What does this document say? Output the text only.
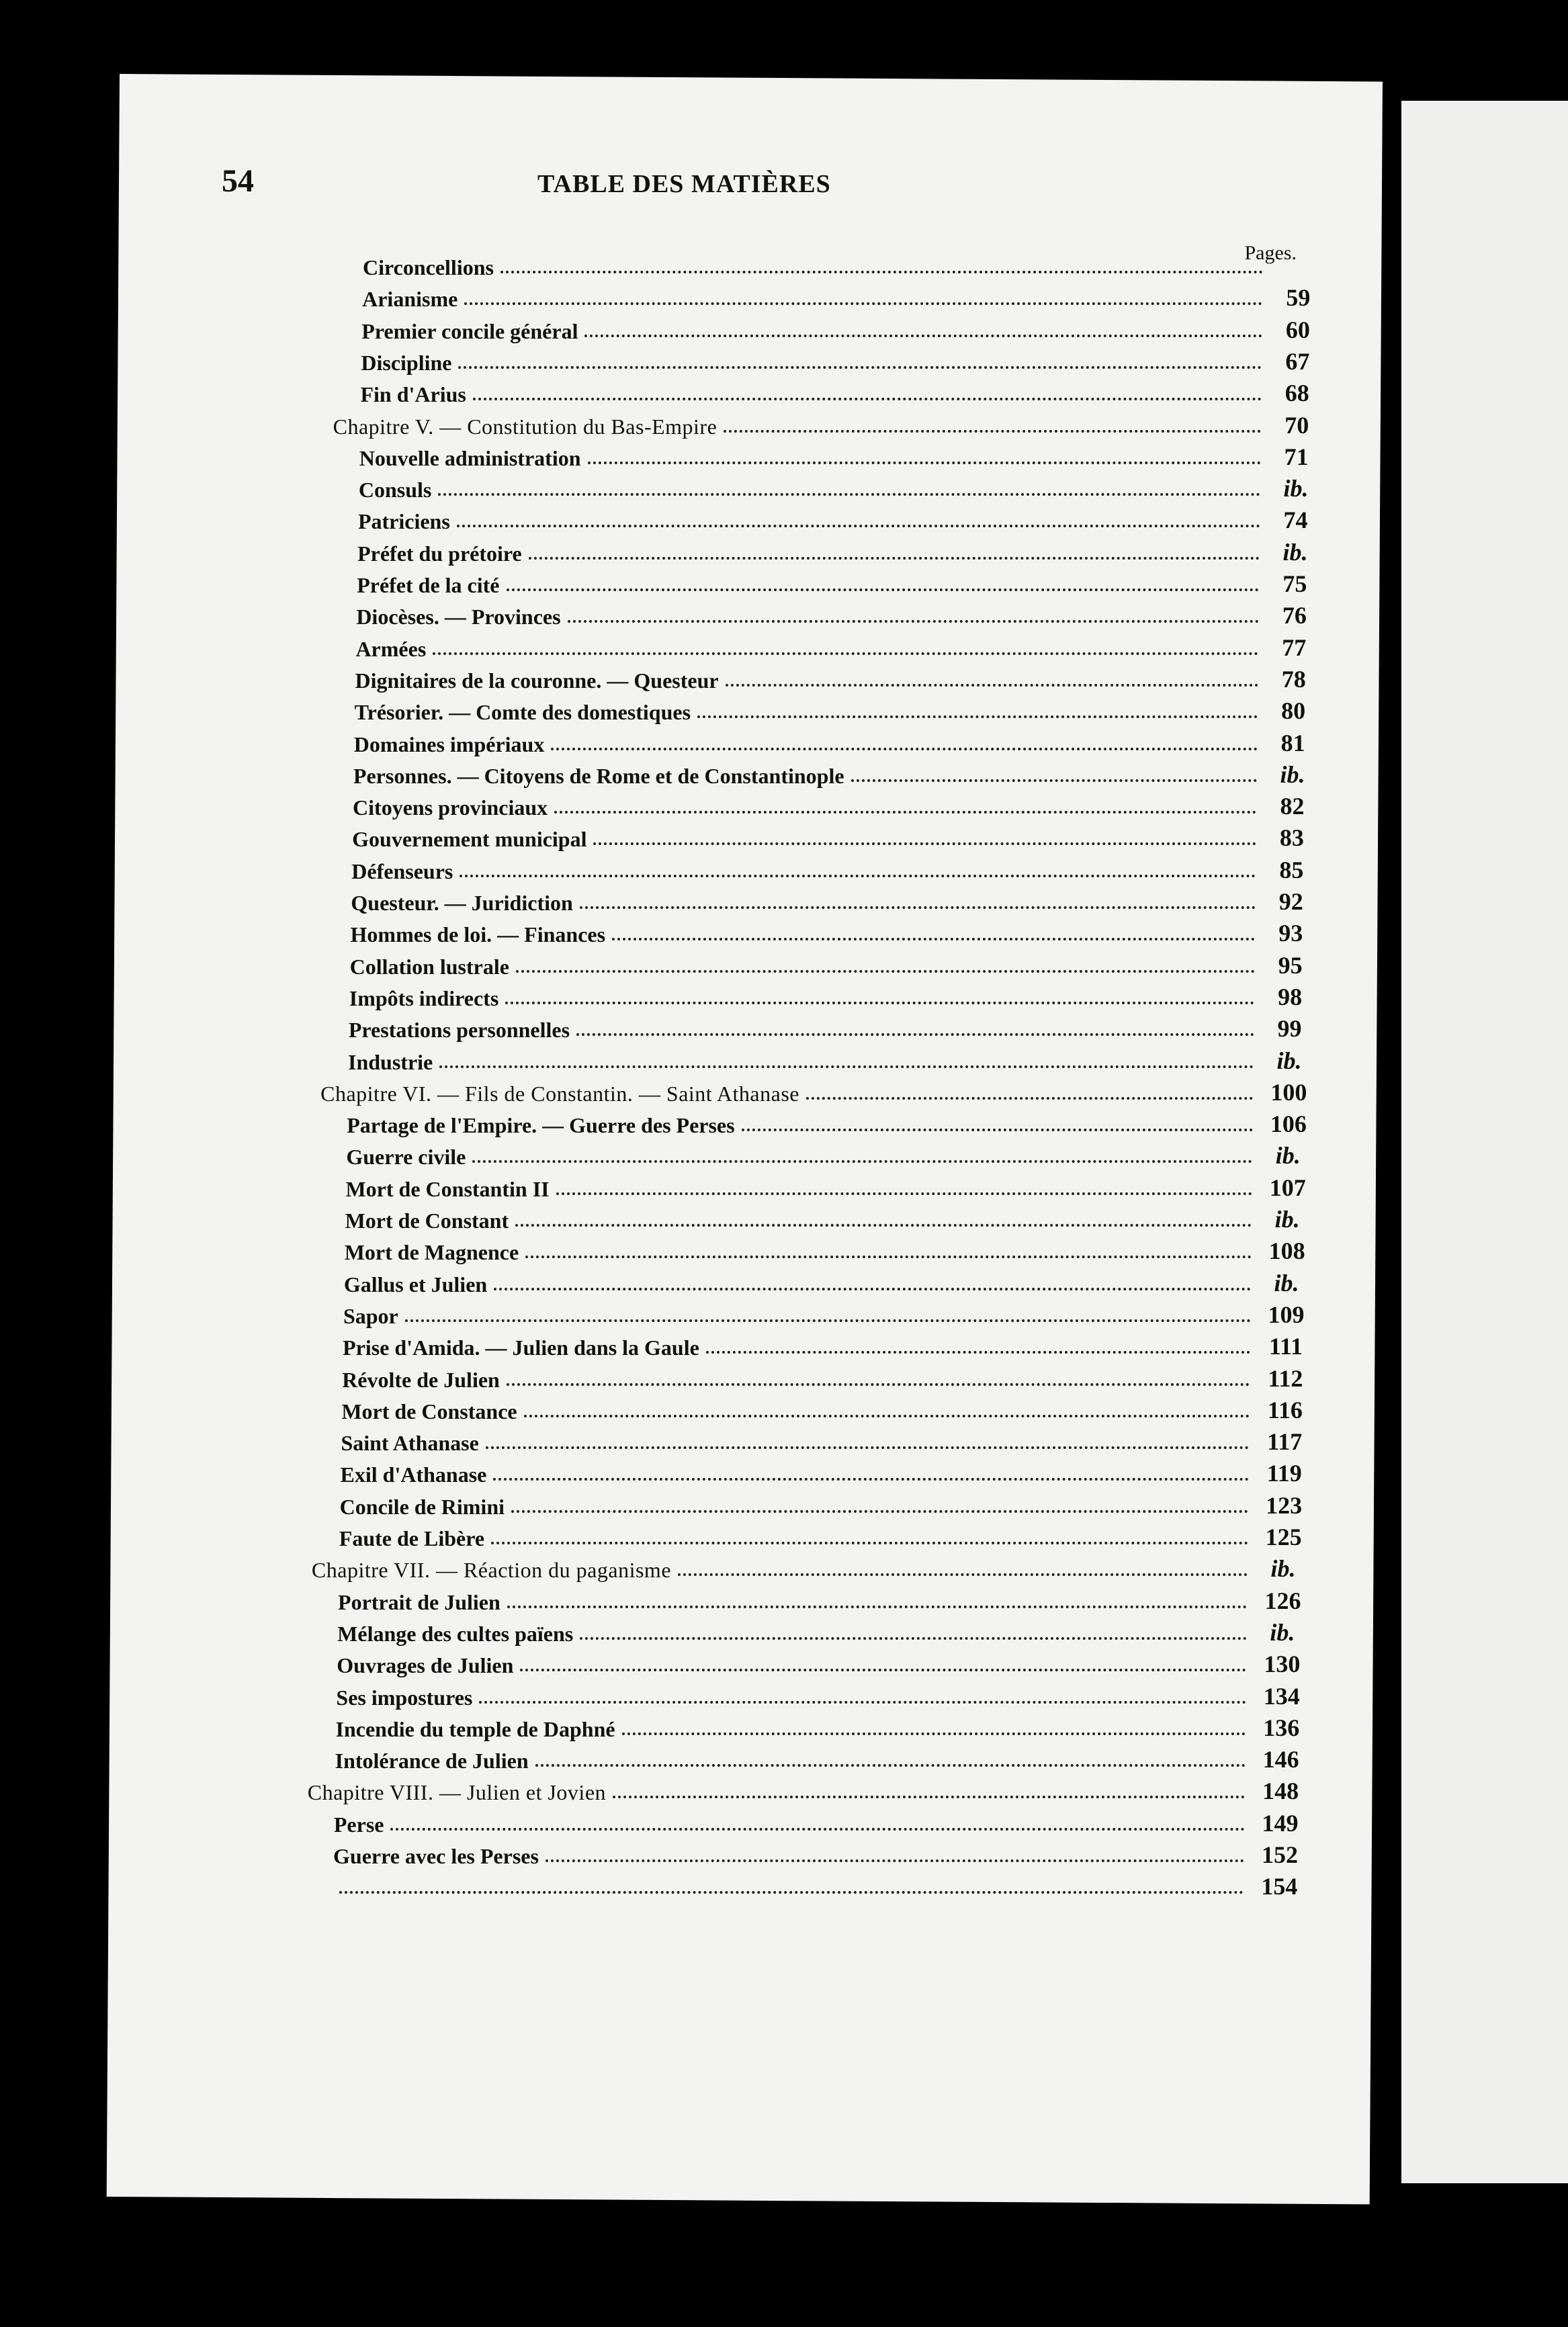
54	TABLE DES MATIÈRES
Pages.
Circoncellions
Arianisme	59
Premier concile général	60
Discipline	67
Fin d'Arius	68
Chapitre V. — Constitution du Bas-Empire	70
Nouvelle administration	71
Consuls	ib.
Patriciens	74
Préfet du prétoire	ib.
Préfet de la cité	75
Diocèses. — Provinces	76
Armées	77
Dignitaires de la couronne. — Questeur	78
Trésorier. — Comte des domestiques	80
Domaines impériaux	81
Personnes. — Citoyens de Rome et de Constantinople	ib.
Citoyens provinciaux	82
Gouvernement municipal	83
Défenseurs	85
Questeur. — Juridiction	92
Hommes de loi. — Finances	93
Collation lustrale	95
Impôts indirects	98
Prestations personnelles	99
Industrie	ib.
Chapitre VI. — Fils de Constantin. — Saint Athanase	100
Partage de l'Empire. — Guerre des Perses	106
Guerre civile	ib.
Mort de Constantin II	107
Mort de Constant	ib.
Mort de Magnence	108
Gallus et Julien	ib.
Sapor	109
Prise d'Amida. — Julien dans la Gaule	111
Révolte de Julien	112
Mort de Constance	116
Saint Athanase	117
Exil d'Athanase	119
Concile de Rimini	123
Faute de Libère	125
Chapitre VII. — Réaction du paganisme	ib.
Portrait de Julien	126
Mélange des cultes païens	ib.
Ouvrages de Julien	130
Ses impostures	134
Incendie du temple de Daphné	136
Intolérance de Julien	146
Chapitre VIII. — Julien et Jovien	148
Perse	149
Guerre avec les Perses	152
154
